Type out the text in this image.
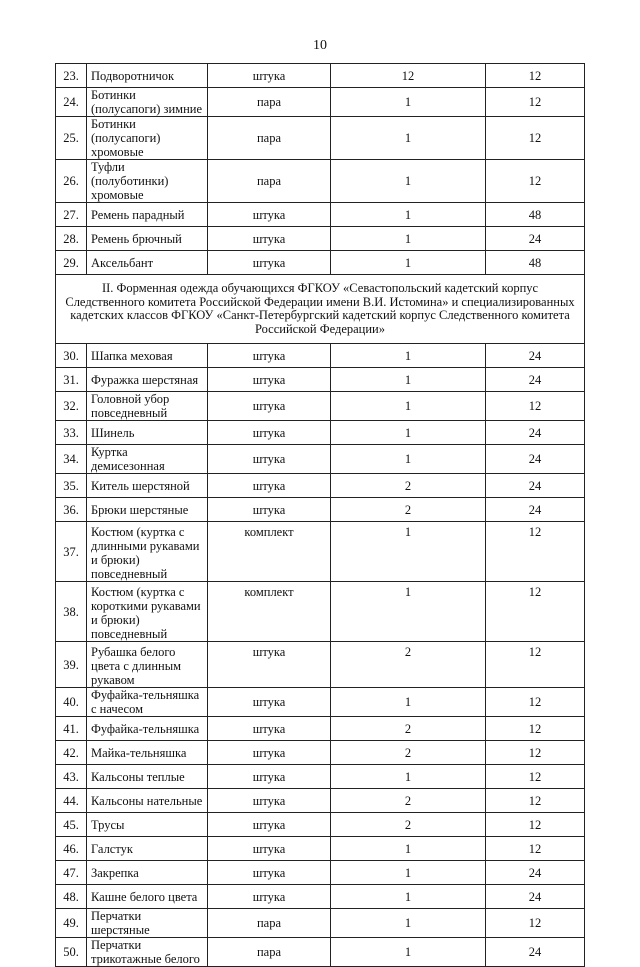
10
23.	Подворотничок	штука	12	12
24.	Ботинки (полусапоги) зимние	пара	1	12
25.	Ботинки (полусапоги) хромовые	пара	1	12
26.	Туфли (полуботинки) хромовые	пара	1	12
27.	Ремень парадный	штука	1	48
28.	Ремень брючный	штука	1	24
29.	Аксельбант	штука	1	48
II. Форменная одежда обучающихся ФГКОУ «Севастопольский кадетский корпус Следственного комитета Российской Федерации имени В.И. Истомина» и специализированных кадетских классов ФГКОУ «Санкт-Петербургский кадетский корпус Следственного комитета Российской Федерации»				
30.	Шапка меховая	штука	1	24
31.	Фуражка шерстяная	штука	1	24
32.	Головной убор повседневный	штука	1	12
33.	Шинель	штука	1	24
34.	Куртка демисезонная	штука	1	24
35.	Китель шерстяной	штука	2	24
36.	Брюки шерстяные	штука	2	24
37.	Костюм (куртка с длинными рукавами и брюки) повседневный	комплект	1	12
38.	Костюм (куртка с короткими рукавами и брюки) повседневный	комплект	1	12
39.	Рубашка белого цвета с длинным рукавом	штука	2	12
40.	Фуфайка-тельняшка с начесом	штука	1	12
41.	Фуфайка-тельняшка	штука	2	12
42.	Майка-тельняшка	штука	2	12
43.	Кальсоны теплые	штука	1	12
44.	Кальсоны нательные	штука	2	12
45.	Трусы	штука	2	12
46.	Галстук	штука	1	12
47.	Закрепка	штука	1	24
48.	Кашне белого цвета	штука	1	24
49.	Перчатки шерстяные	пара	1	12
50.	Перчатки трикотажные белого	пара	1	24
